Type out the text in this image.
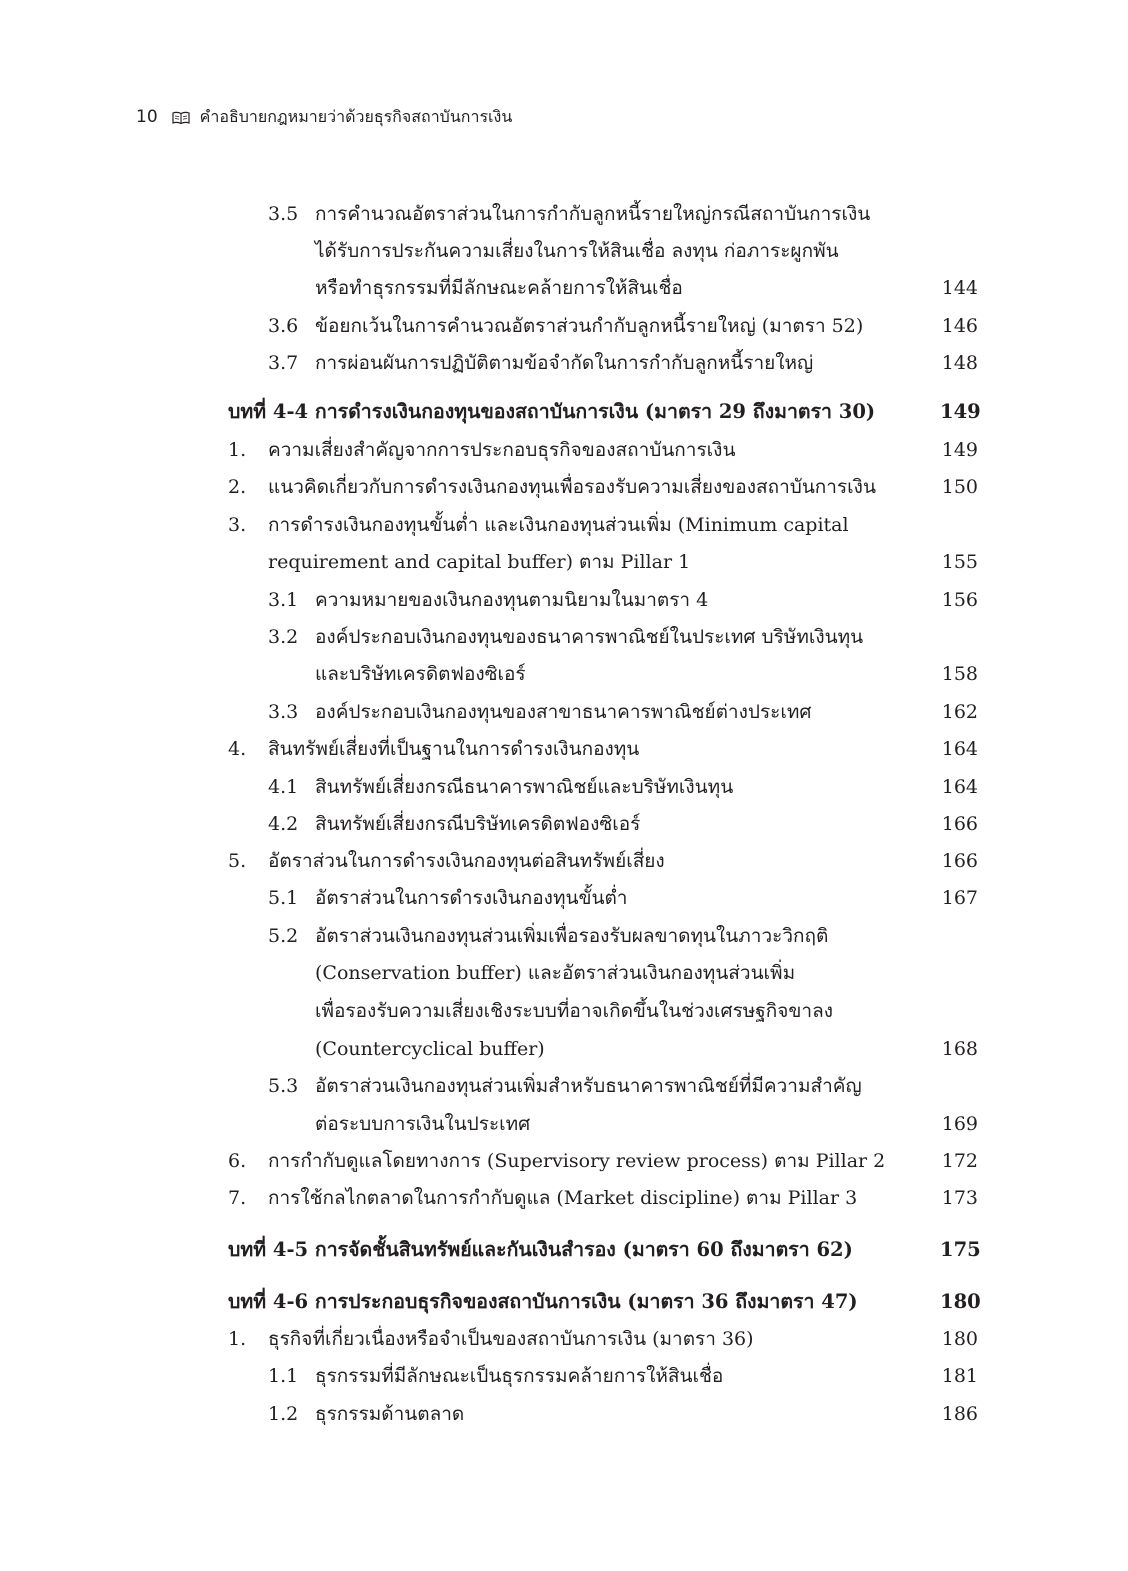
10	คำอธิบายกฎหมายว่าด้วยธุรกิจสถาบันการเงิน
3.5 การคำนวณอัตราส่วนในการกำกับลูกหนี้รายใหญ่กรณีสถาบันการเงิน
ได้รับการประกันความเสี่ยงในการให้สินเชื่อ ลงทุน ก่อภาระผูกพัน
หรือทำธุรกรรมที่มีลักษณะคล้ายการให้สินเชื่อ	144
3.6 ข้อยกเว้นในการคำนวณอัตราส่วนกำกับลูกหนี้รายใหญ่ (มาตรา 52)	146
3.7 การผ่อนผันการปฏิบัติตามข้อจำกัดในการกำกับลูกหนี้รายใหญ่	148
บทที่ 4-4 การดำรงเงินกองทุนของสถาบันการเงิน (มาตรา 29 ถึงมาตรา 30)	149
1. ความเสี่ยงสำคัญจากการประกอบธุรกิจของสถาบันการเงิน	149
2. แนวคิดเกี่ยวกับการดำรงเงินกองทุนเพื่อรองรับความเสี่ยงของสถาบันการเงิน	150
3. การดำรงเงินกองทุนขั้นต่ำ และเงินกองทุนส่วนเพิ่ม (Minimum capital
requirement and capital buffer) ตาม Pillar 1	155
3.1 ความหมายของเงินกองทุนตามนิยามในมาตรา 4	156
3.2 องค์ประกอบเงินกองทุนของธนาคารพาณิชย์ในประเทศ บริษัทเงินทุน
และบริษัทเครดิตฟองซิเอร์	158
3.3 องค์ประกอบเงินกองทุนของสาขาธนาคารพาณิชย์ต่างประเทศ	162
4. สินทรัพย์เสี่ยงที่เป็นฐานในการดำรงเงินกองทุน	164
4.1 สินทรัพย์เสี่ยงกรณีธนาคารพาณิชย์และบริษัทเงินทุน	164
4.2 สินทรัพย์เสี่ยงกรณีบริษัทเครดิตฟองซิเอร์	166
5. อัตราส่วนในการดำรงเงินกองทุนต่อสินทรัพย์เสี่ยง	166
5.1 อัตราส่วนในการดำรงเงินกองทุนขั้นต่ำ	167
5.2 อัตราส่วนเงินกองทุนส่วนเพิ่มเพื่อรองรับผลขาดทุนในภาวะวิกฤติ
(Conservation buffer) และอัตราส่วนเงินกองทุนส่วนเพิ่ม
เพื่อรองรับความเสี่ยงเชิงระบบที่อาจเกิดขึ้นในช่วงเศรษฐกิจขาลง
(Countercyclical buffer)	168
5.3 อัตราส่วนเงินกองทุนส่วนเพิ่มสำหรับธนาคารพาณิชย์ที่มีความสำคัญ
ต่อระบบการเงินในประเทศ	169
6. การกำกับดูแลโดยทางการ (Supervisory review process) ตาม Pillar 2	172
7. การใช้กลไกตลาดในการกำกับดูแล (Market discipline) ตาม Pillar 3	173
บทที่ 4-5 การจัดชั้นสินทรัพย์และกันเงินสำรอง (มาตรา 60 ถึงมาตรา 62)	175
บทที่ 4-6 การประกอบธุรกิจของสถาบันการเงิน (มาตรา 36 ถึงมาตรา 47)	180
1. ธุรกิจที่เกี่ยวเนื่องหรือจำเป็นของสถาบันการเงิน (มาตรา 36)	180
1.1 ธุรกรรมที่มีลักษณะเป็นธุรกรรมคล้ายการให้สินเชื่อ	181
1.2 ธุรกรรมด้านตลาด	186
